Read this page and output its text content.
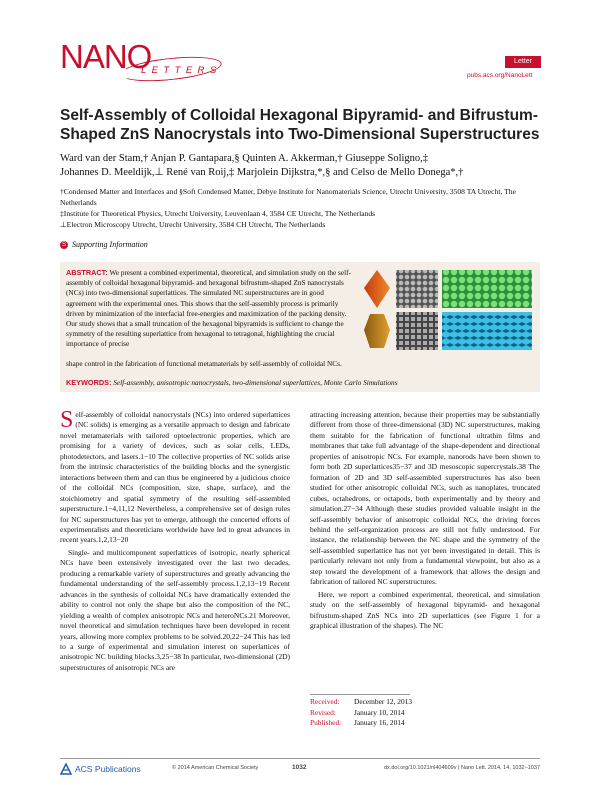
NANO
LETTERS
Letter
pubs.acs.org/NanoLett
Self-Assembly of Colloidal Hexagonal Bipyramid- and Bifrustum-Shaped ZnS Nanocrystals into Two-Dimensional Superstructures
Ward van der Stam,† Anjan P. Gantapara,§ Quinten A. Akkerman,† Giuseppe Soligno,‡
Johannes D. Meeldijk,⊥ René van Roij,‡ Marjolein Dijkstra,*,§ and Celso de Mello Donega*,†
†Condensed Matter and Interfaces and §Soft Condensed Matter, Debye Institute for Nanomaterials Science, Utrecht University, 3508 TA Utrecht, The Netherlands
‡Institute for Theoretical Physics, Utrecht University, Leuvenlaan 4, 3584 CE Utrecht, The Netherlands
⊥Electron Microscopy Utrecht, Utrecht University, 3584 CH Utrecht, The Netherlands
S Supporting Information
ABSTRACT: We present a combined experimental, theoretical, and simulation study on the self-assembly of colloidal hexagonal bipyramid- and hexagonal bifrustum-shaped ZnS nanocrystals (NCs) into two-dimensional superlattices. The simulated NC superstructures are in good agreement with the experimental ones. This shows that the self-assembly process is primarily driven by minimization of the interfacial free-energies and maximization of the packing density. Our study shows that a small truncation of the hexagonal bipyramids is sufficient to change the symmetry of the resulting superlattice from hexagonal to tetragonal, highlighting the crucial importance of precise
shape control in the fabrication of functional metamaterials by self-assembly of colloidal NCs.
KEYWORDS: Self-assembly, anisotropic nanocrystals, two-dimensional superlattices, Monte Carlo Simulations

Self-assembly of colloidal nanocrystals (NCs) into ordered superlattices (NC solids) is emerging as a versatile approach to design and fabricate novel metamaterials with tailored optoelectronic properties, which are promising for a variety of devices, such as solar cells, LEDs, photodetectors, and lasers.1−10 The collective properties of NC solids arise from the intrinsic characteristics of the building blocks and the synergistic interactions between them and can thus be engineered by a judicious choice of the colloidal NCs (composition, size, shape, surface), and the stoichiometry and spatial symmetry of the resulting self-assembled superstructure.1−4,11,12 Nevertheless, a comprehensive set of design rules for NC superstructures has yet to emerge, although the concerted efforts of experimentalists and theoreticians worldwide have led to great advances in recent years.1,2,13−20

Single- and multicomponent superlattices of isotropic, nearly spherical NCs have been extensively investigated over the last two decades, producing a remarkable variety of superstructures and greatly advancing the fundamental understanding of the self-assembly process.1,2,13−19 Recent advances in the synthesis of colloidal NCs have dramatically extended the ability to control not only the shape but also the composition of the NC, yielding a wealth of complex anisotropic NCs and heteroNCs.21 Moreover, novel theoretical and simulation techniques have been developed in recent years, allowing more complex problems to be solved.20,22−24 This has led to a surge of experimental and simulation interest on superlattices of anisotropic NC building blocks.3,25−38 In particular, two-dimensional (2D) superstructures of anisotropic NCs are

attracting increasing attention, because their properties may be substantially different from those of three-dimensional (3D) NC superstructures, making them suitable for the fabrication of functional ultrathin films and membranes that take full advantage of the shape-dependent and directional properties of anisotropic NCs. For example, nanorods have been shown to form both 2D superlattices35−37 and 3D mesoscopic supercrystals.38 The formation of 2D and 3D self-assembled superstructures has also been studied for other anisotropic colloidal NCs, such as nanoplates, truncated cubes, octahedrons, or octapods, both experimentally and by theory and simulation.27−34 Although these studies provided valuable insight in the self-assembly behavior of anisotropic colloidal NCs, the driving forces behind the self-organization process are still not fully understood. For instance, the relationship between the NC shape and the symmetry of the self-assembled superlattice has not yet been investigated in detail. This is particularly relevant not only from a fundamental viewpoint, but also as a step toward the development of a framework that allows the design and fabrication of tailored NC superstructures.

Here, we report a combined experimental, theoretical, and simulation study on the self-assembly of hexagonal bipyramid- and hexagonal bifrustum-shaped ZnS NCs into 2D superlattices (see Figure 1 for a graphical illustration of the shapes). The NC

Received: December 12, 2013
Revised: January 10, 2014
Published: January 16, 2014
ACS Publications	© 2014 American Chemical Society	1032	dx.doi.org/10.1021/nl404609v | Nano Lett. 2014, 14, 1032−1037
